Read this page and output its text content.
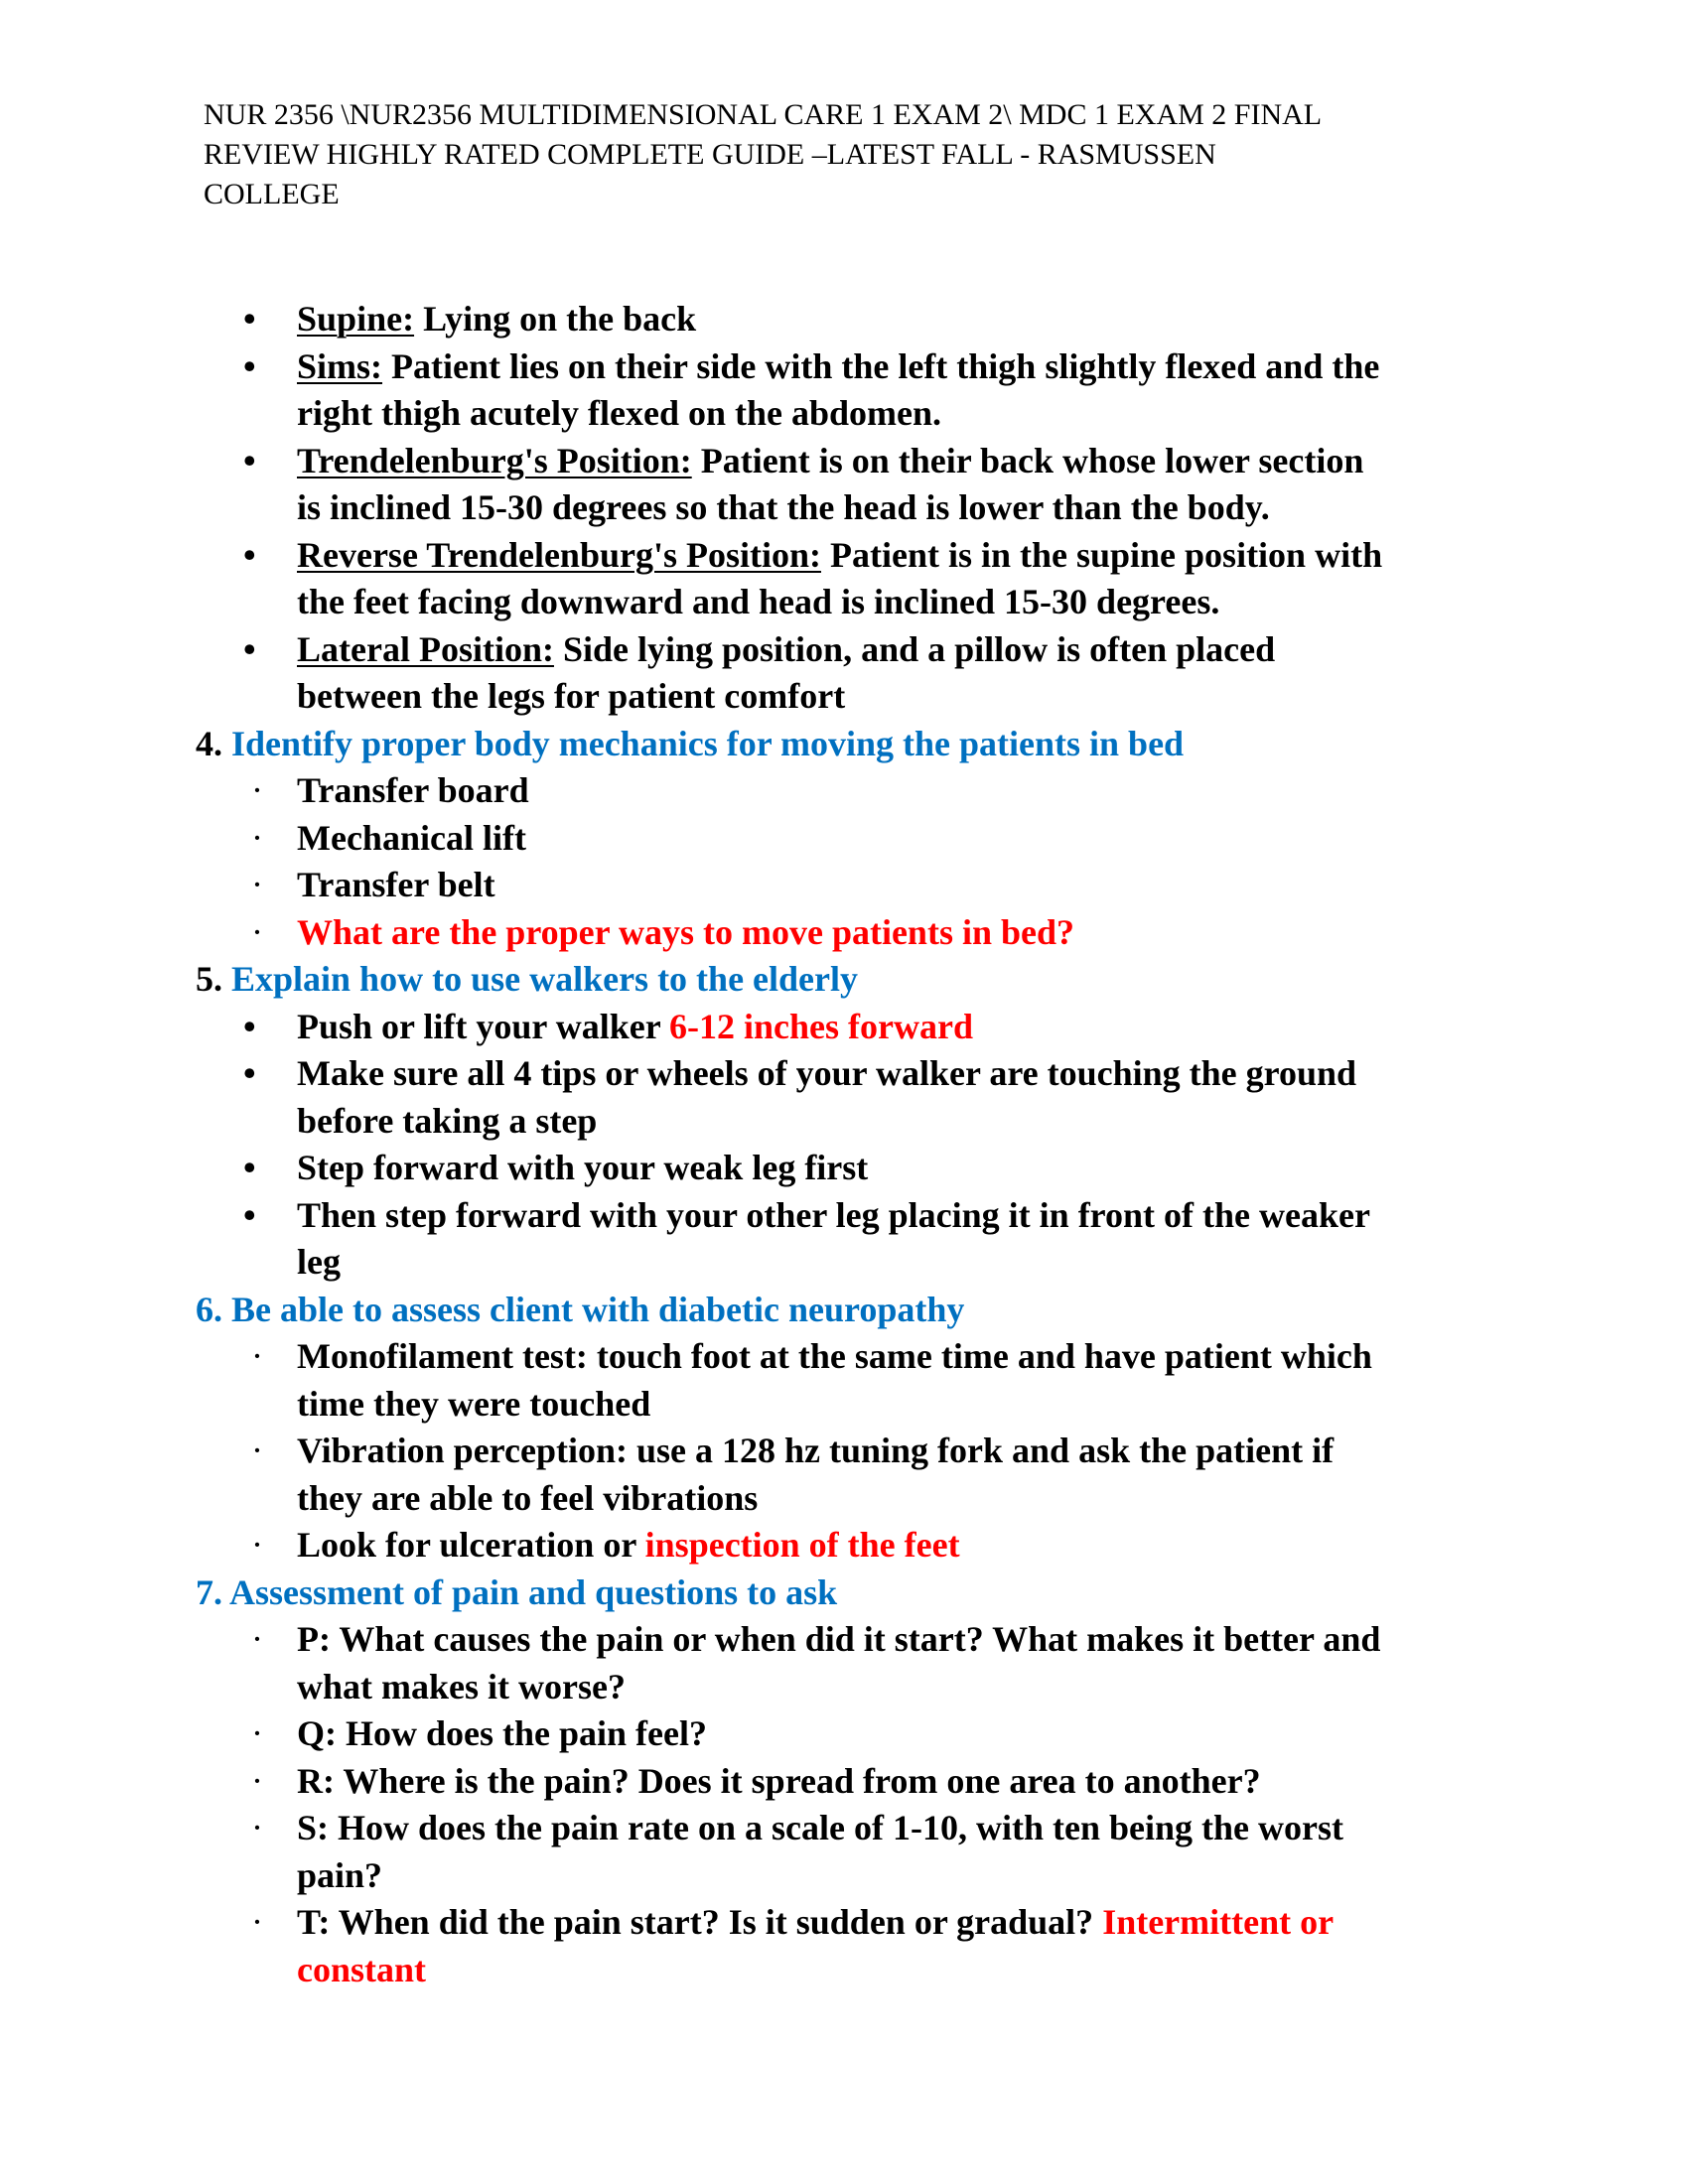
NUR 2356 \NUR2356 MULTIDIMENSIONAL CARE 1 EXAM 2\ MDC 1 EXAM 2 FINAL
REVIEW HIGHLY RATED COMPLETE GUIDE –LATEST FALL - RASMUSSEN
COLLEGE
• Supine: Lying on the back
• Sims: Patient lies on their side with the left thigh slightly flexed and the
right thigh acutely flexed on the abdomen.
• Trendelenburg's Position: Patient is on their back whose lower section
is inclined 15-30 degrees so that the head is lower than the body.
• Reverse Trendelenburg's Position: Patient is in the supine position with
the feet facing downward and head is inclined 15-30 degrees.
• Lateral Position: Side lying position, and a pillow is often placed
between the legs for patient comfort
4. Identify proper body mechanics for moving the patients in bed
· Transfer board
· Mechanical lift
· Transfer belt
· What are the proper ways to move patients in bed?
5. Explain how to use walkers to the elderly
• Push or lift your walker 6-12 inches forward
• Make sure all 4 tips or wheels of your walker are touching the ground
before taking a step
• Step forward with your weak leg first
• Then step forward with your other leg placing it in front of the weaker
leg
6. Be able to assess client with diabetic neuropathy
· Monofilament test: touch foot at the same time and have patient which
time they were touched
· Vibration perception: use a 128 hz tuning fork and ask the patient if
they are able to feel vibrations
· Look for ulceration or inspection of the feet
7. Assessment of pain and questions to ask
· P: What causes the pain or when did it start? What makes it better and
what makes it worse?
· Q: How does the pain feel?
· R: Where is the pain? Does it spread from one area to another?
· S: How does the pain rate on a scale of 1-10, with ten being the worst
pain?
· T: When did the pain start? Is it sudden or gradual? Intermittent or
constant
